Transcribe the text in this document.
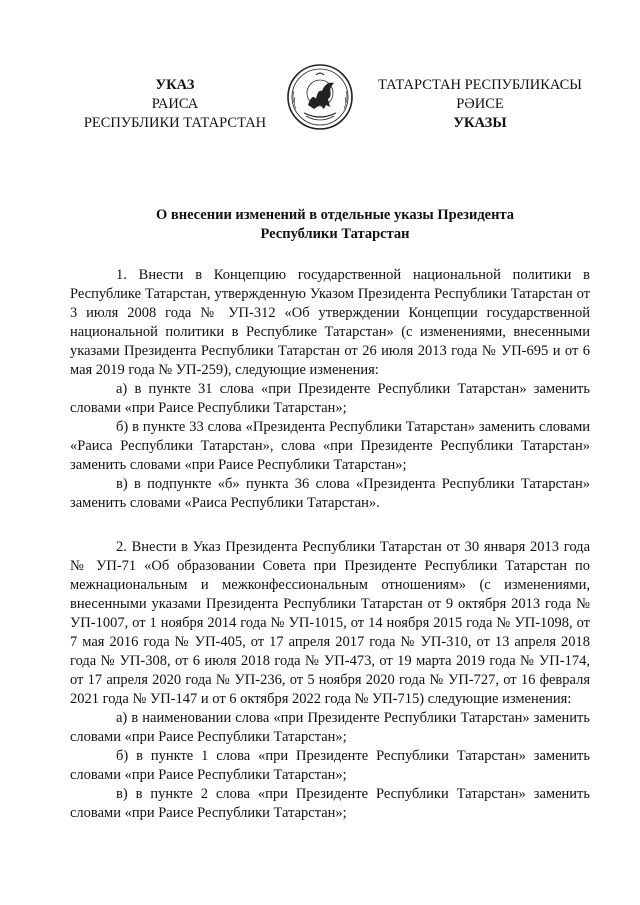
УКАЗ
РАИСА
РЕСПУБЛИКИ ТАТАРСТАН
ТАТАРСТАН РЕСПУБЛИКАСЫ
РӘИСЕ
УКАЗЫ
О внесении изменений в отдельные указы Президента
Республики Татарстан

1. Внести в Концепцию государственной национальной политики в Республике Татарстан, утвержденную Указом Президента Республики Татарстан от 3 июля 2008 года № УП-312 «Об утверждении Концепции государственной национальной политики в Республике Татарстан» (с изменениями, внесенными указами Президента Республики Татарстан от 26 июля 2013 года № УП-695 и от 6 мая 2019 года № УП-259), следующие изменения:

а) в пункте 31 слова «при Президенте Республики Татарстан» заменить словами «при Раисе Республики Татарстан»;

б) в пункте 33 слова «Президента Республики Татарстан» заменить словами «Раиса Республики Татарстан», слова «при Президенте Республики Татарстан» заменить словами «при Раисе Республики Татарстан»;

в) в подпункте «б» пункта 36 слова «Президента Республики Татарстан» заменить словами «Раиса Республики Татарстан».

2. Внести в Указ Президента Республики Татарстан от 30 января 2013 года № УП-71 «Об образовании Совета при Президенте Республики Татарстан по межнациональным и межконфессиональным отношениям» (с изменениями, внесенными указами Президента Республики Татарстан от 9 октября 2013 года № УП-1007, от 1 ноября 2014 года № УП-1015, от 14 ноября 2015 года № УП-1098, от 7 мая 2016 года № УП-405, от 17 апреля 2017 года № УП-310, от 13 апреля 2018 года № УП-308, от 6 июля 2018 года № УП-473, от 19 марта 2019 года № УП-174, от 17 апреля 2020 года № УП-236, от 5 ноября 2020 года № УП-727, от 16 февраля 2021 года № УП-147 и от 6 октября 2022 года № УП-715) следующие изменения:

а) в наименовании слова «при Президенте Республики Татарстан» заменить словами «при Раисе Республики Татарстан»;

б) в пункте 1 слова «при Президенте Республики Татарстан» заменить словами «при Раисе Республики Татарстан»;

в) в пункте 2 слова «при Президенте Республики Татарстан» заменить словами «при Раисе Республики Татарстан»;
